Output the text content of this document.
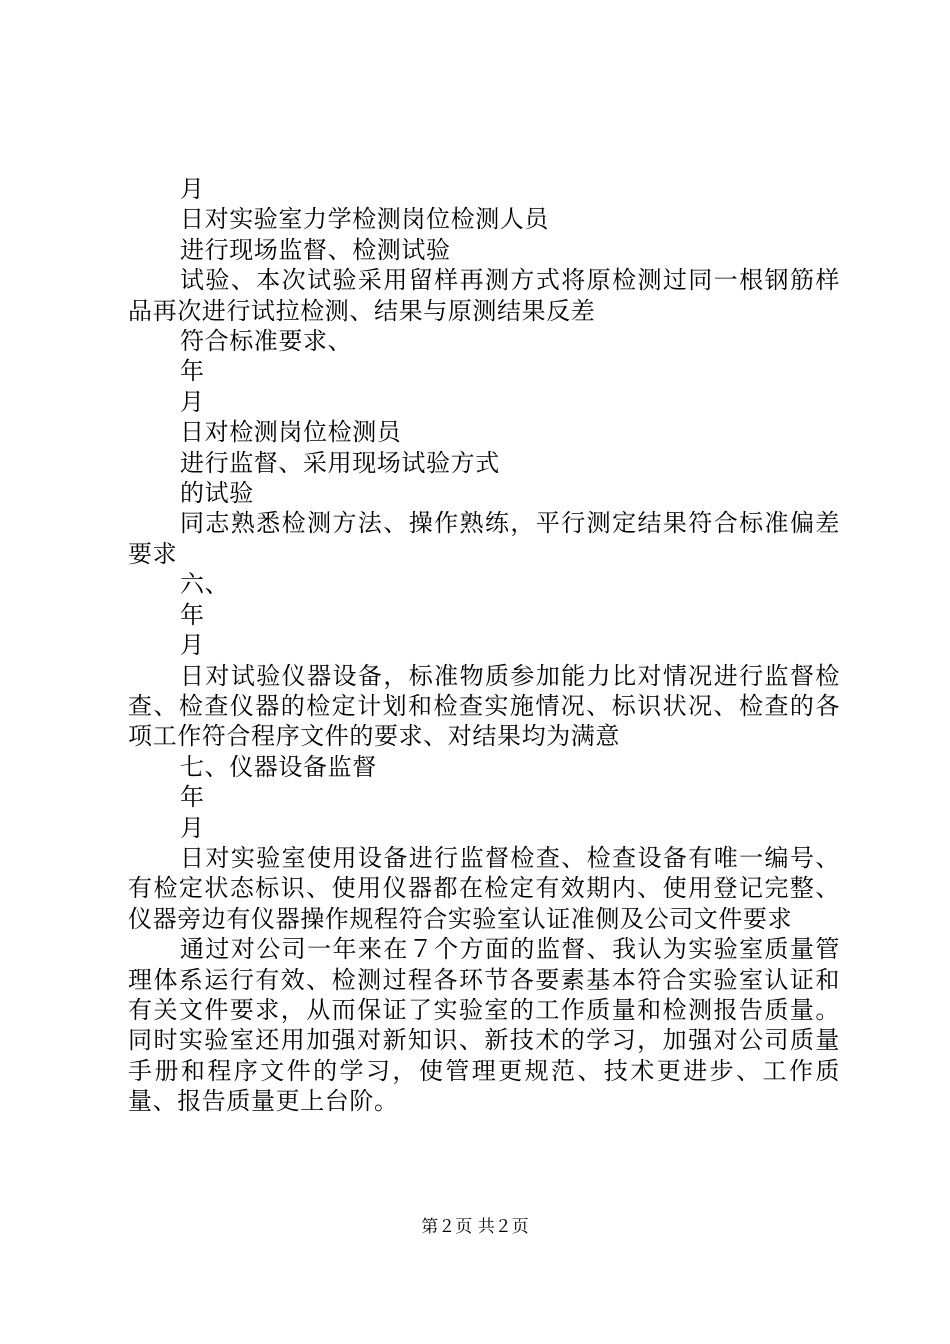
月

日对实验室力学检测岗位检测人员

进行现场监督、检测试验

试验、本次试验采用留样再测方式将原检测过同一根钢筋样品再次进行试拉检测、结果与原测结果反差

符合标准要求、

年

月

日对检测岗位检测员

进行监督、采用现场试验方式

的试验

同志熟悉检测方法、操作熟练，平行测定结果符合标准偏差要求

六、

年

月

日对试验仪器设备，标准物质参加能力比对情况进行监督检查、检查仪器的检定计划和检查实施情况、标识状况、检查的各项工作符合程序文件的要求、对结果均为满意

七、仪器设备监督

年

月

日对实验室使用设备进行监督检查、检查设备有唯一编号、有检定状态标识、使用仪器都在检定有效期内、使用登记完整、仪器旁边有仪器操作规程符合实验室认证准侧及公司文件要求

通过对公司一年来在７个方面的监督、我认为实验室质量管理体系运行有效、检测过程各环节各要素基本符合实验室认证和有关文件要求，从而保证了实验室的工作质量和检测报告质量。同时实验室还用加强对新知识、新技术的学习，加强对公司质量手册和程序文件的学习，使管理更规范、技术更进步、工作质量、报告质量更上台阶。

第２页 共２页
